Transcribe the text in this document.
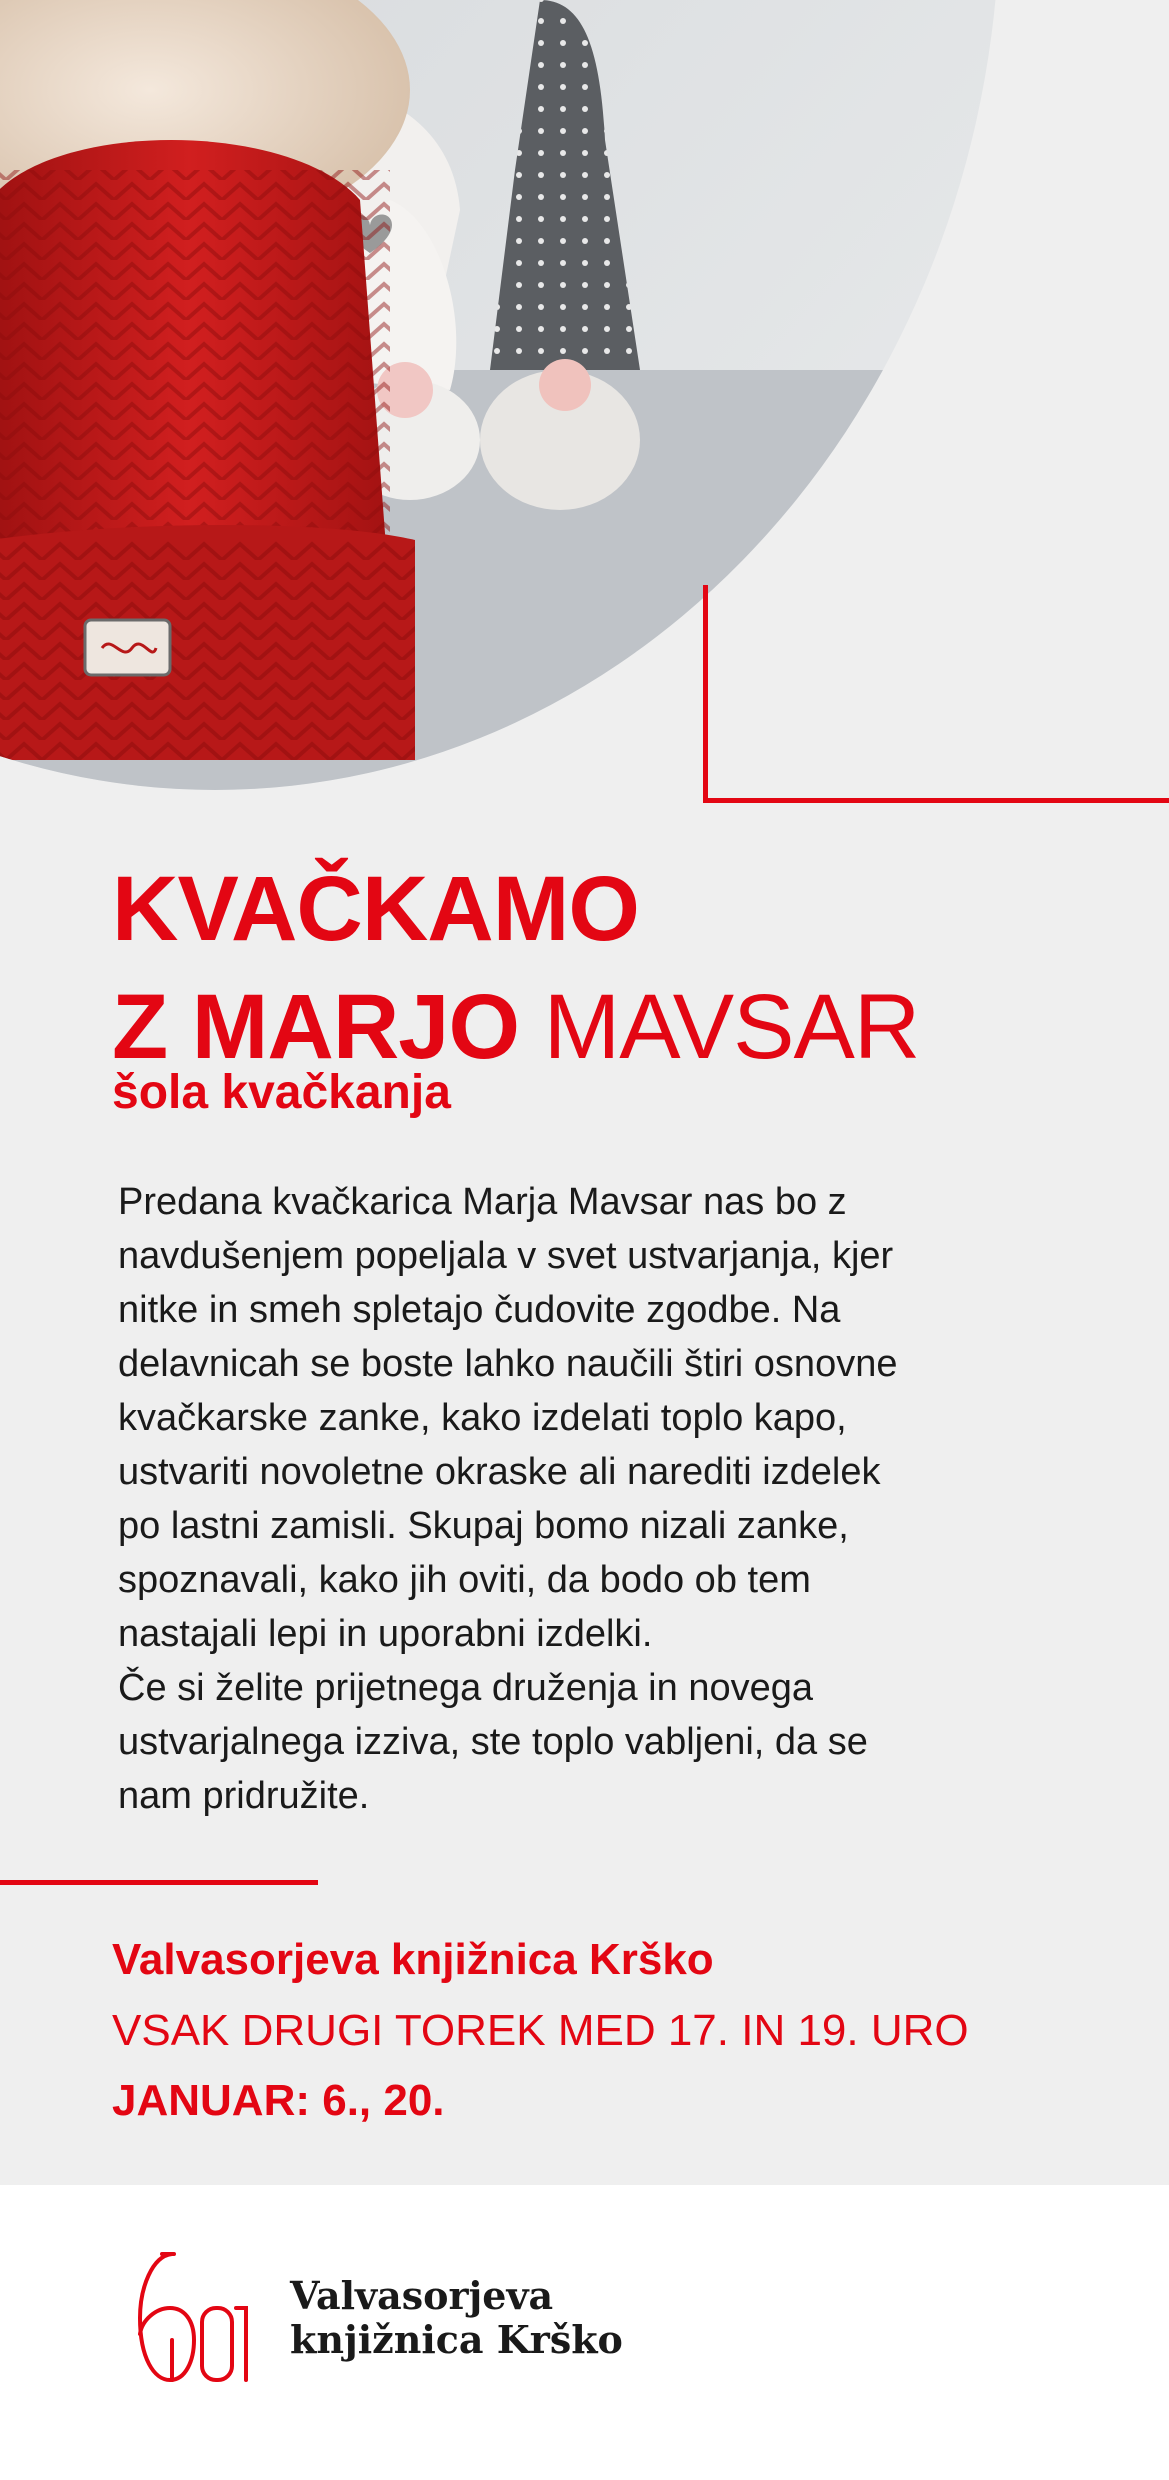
KVAČKAMO
Z MARJO MAVSAR
šola kvačkanja

Predana kvačkarica Marja Mavsar nas bo z

navdušenjem popeljala v svet ustvarjanja, kjer

nitke in smeh spletajo čudovite zgodbe. Na

delavnicah se boste lahko naučili štiri osnovne

kvačkarske zanke, kako izdelati toplo kapo,

ustvariti novoletne okraske ali narediti izdelek

po lastni zamisli. Skupaj bomo nizali zanke,

spoznavali, kako jih oviti, da bodo ob tem

nastajali lepi in uporabni izdelki.

Če si želite prijetnega druženja in novega

ustvarjalnega izziva, ste toplo vabljeni, da se

nam pridružite.

Valvasorjeva knjižnica Krško

VSAK DRUGI TOREK MED 17. IN 19. URO

JANUAR: 6., 20.

Valvasorjeva
knjižnica Krško
